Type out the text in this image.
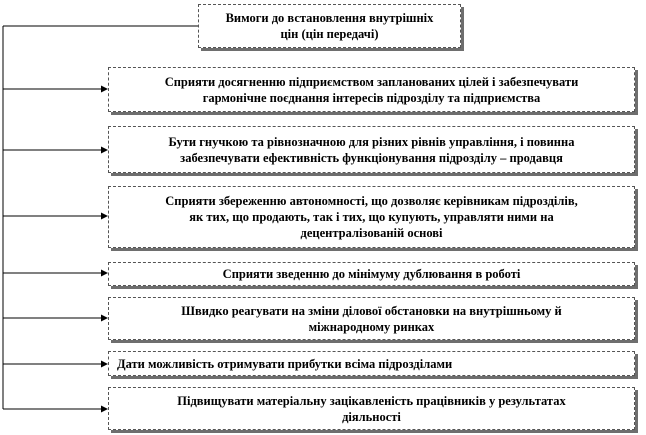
Вимоги до встановлення внутрішніх
цін (цін передачі)
Сприяти досягненню підприємством запланованих цілей і забезпечувати
гармонічне поєднання інтересів підрозділу та підприємства
Бути гнучкою та рівнозначною для різних рівнів управління, і повинна
забезпечувати ефективність функціонування підрозділу – продавця
Сприяти збереженню автономності, що дозволяє керівникам підрозділів,
як тих, що продають, так і тих, що купують, управляти ними на
децентралізованій основі
Сприяти зведенню до мінімуму дублювання в роботі
Швидко реагувати на зміни ділової обстановки на внутрішньому й
міжнародному ринках
Дати можливість отримувати прибутки всіма підрозділами
Підвищувати матеріальну зацікавленість працівників у результатах
діяльності
